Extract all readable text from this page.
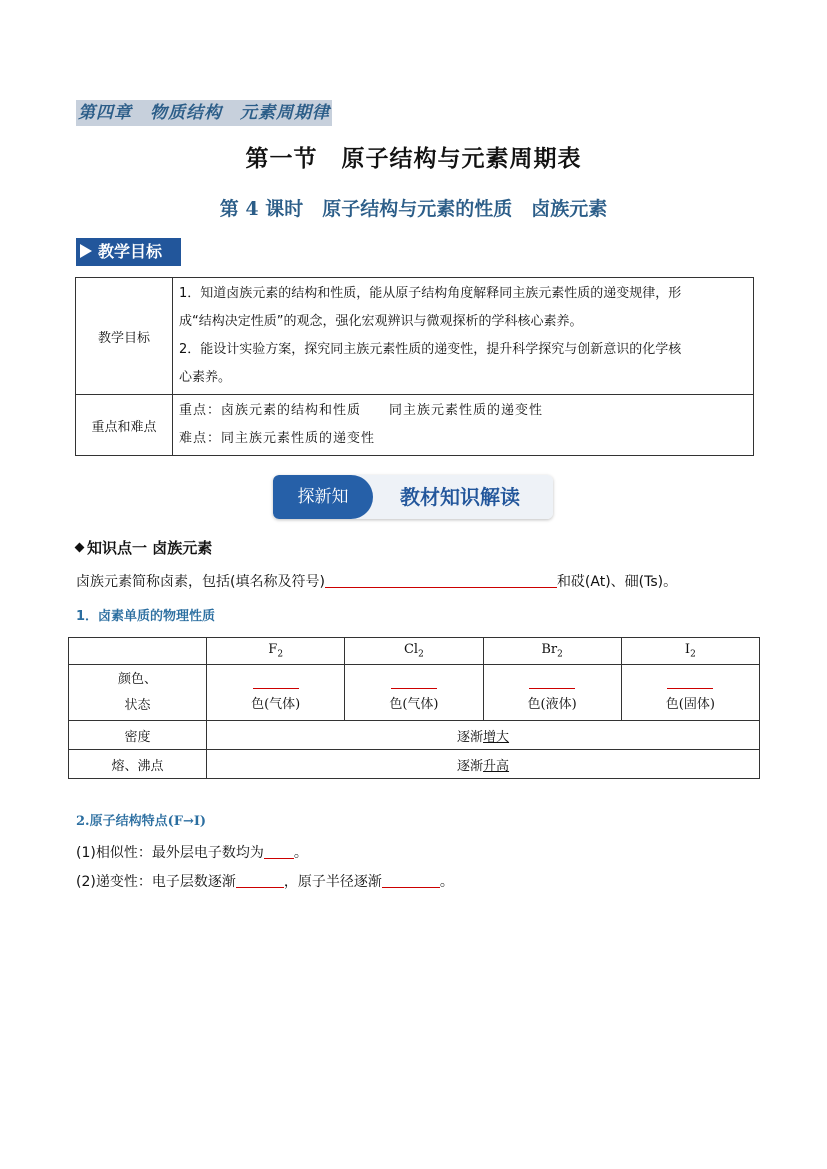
第四章　物质结构　元素周期律
第一节　原子结构与元素周期表
第 4 课时　原子结构与元素的性质　卤族元素
教学目标
教学目标	1．知道卤族元素的结构和性质，能从原子结构角度解释同主族元素性质的递变规律，形
成“结构决定性质”的观念，强化宏观辨识与微观探析的学科核心素养。
2．能设计实验方案，探究同主族元素性质的递变性，提升科学探究与创新意识的化学核
心素养。

重点和难点	重点：卤族元素的结构和性质　　同主族元素性质的递变性
难点：同主族元素性质的递变性
探新知	教材知识解读
知识点一 卤族元素
卤族元素简称卤素，包括(填名称及符号)	和砹(At)、鿬(Ts)。
1．卤素单质的物理性质
	$F_2$	$Cl_2$	$Br_2$	$I_2$

颜色、
状态	色(气体)	色(气体)	色(液体)	色(固体)
密度	逐渐增大			
熔、沸点	逐渐升高			
2.原子结构特点(F→I)
(1)相似性：最外层电子数均为 。
(2)递变性：电子层数逐渐	，原子半径逐渐	。
